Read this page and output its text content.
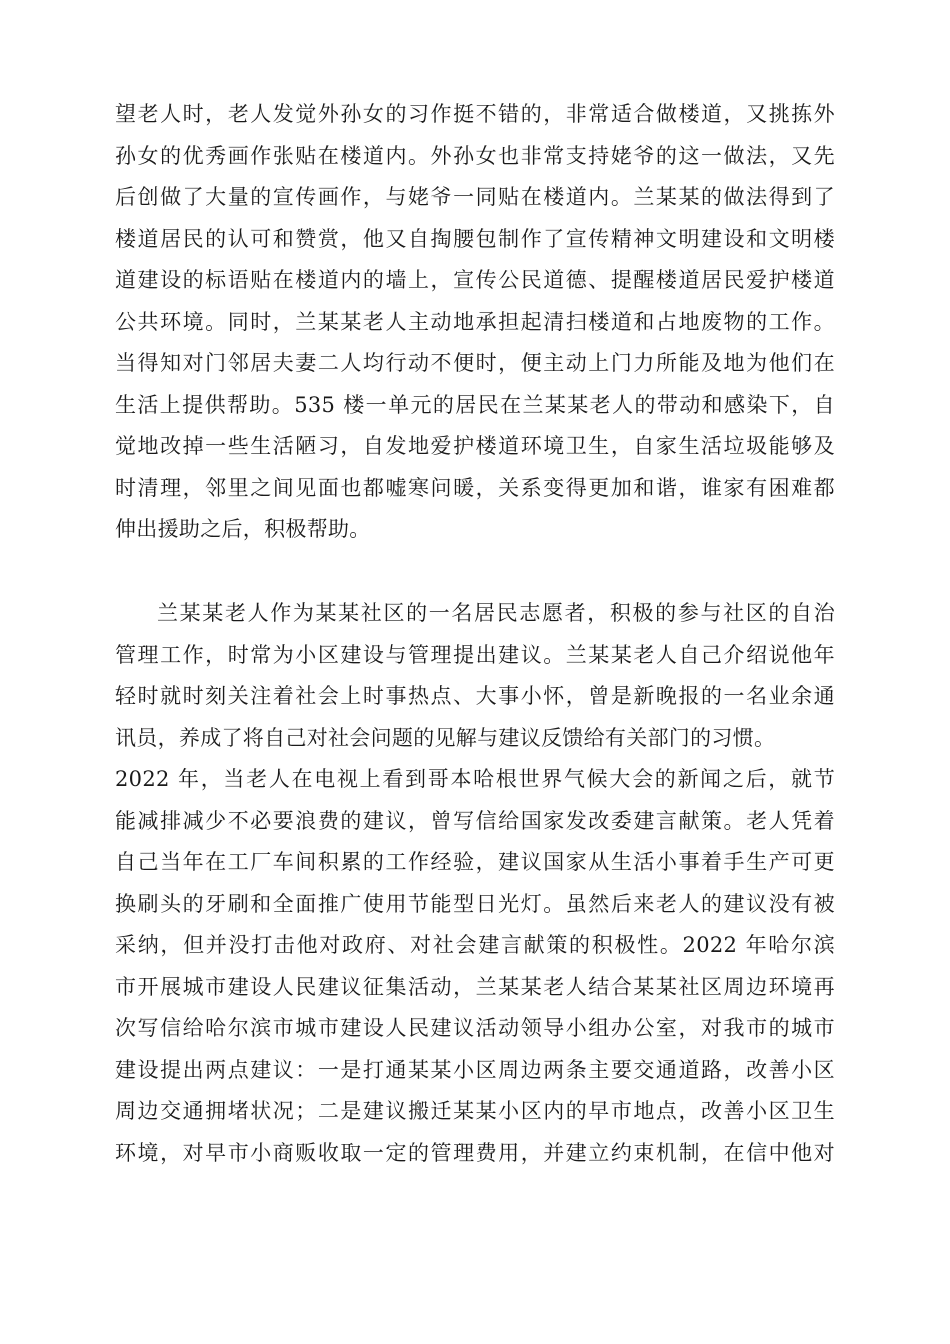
望老人时，老人发觉外孙女的习作挺不错的，非常适合做楼道，又挑拣外
孙女的优秀画作张贴在楼道内。外孙女也非常支持姥爷的这一做法，又先
后创做了大量的宣传画作，与姥爷一同贴在楼道内。兰某某的做法得到了
楼道居民的认可和赞赏，他又自掏腰包制作了宣传精神文明建设和文明楼
道建设的标语贴在楼道内的墙上，宣传公民道德、提醒楼道居民爱护楼道
公共环境。同时，兰某某老人主动地承担起清扫楼道和占地废物的工作。
当得知对门邻居夫妻二人均行动不便时，便主动上门力所能及地为他们在
生活上提供帮助。535 楼一单元的居民在兰某某老人的带动和感染下，自
觉地改掉一些生活陋习，自发地爱护楼道环境卫生，自家生活垃圾能够及
时清理，邻里之间见面也都嘘寒问暖，关系变得更加和谐，谁家有困难都
伸出援助之后，积极帮助。
兰某某老人作为某某社区的一名居民志愿者，积极的参与社区的自治
管理工作，时常为小区建设与管理提出建议。兰某某老人自己介绍说他年
轻时就时刻关注着社会上时事热点、大事小怀，曾是新晚报的一名业余通
讯员，养成了将自己对社会问题的见解与建议反馈给有关部门的习惯。
2022 年，当老人在电视上看到哥本哈根世界气候大会的新闻之后，就节
能减排减少不必要浪费的建议，曾写信给国家发改委建言献策。老人凭着
自己当年在工厂车间积累的工作经验，建议国家从生活小事着手生产可更
换刷头的牙刷和全面推广使用节能型日光灯。虽然后来老人的建议没有被
采纳，但并没打击他对政府、对社会建言献策的积极性。2022 年哈尔滨
市开展城市建设人民建议征集活动，兰某某老人结合某某社区周边环境再
次写信给哈尔滨市城市建设人民建议活动领导小组办公室，对我市的城市
建设提出两点建议：一是打通某某小区周边两条主要交通道路，改善小区
周边交通拥堵状况；二是建议搬迁某某小区内的早市地点，改善小区卫生
环境，对早市小商贩收取一定的管理费用，并建立约束机制，在信中他对
